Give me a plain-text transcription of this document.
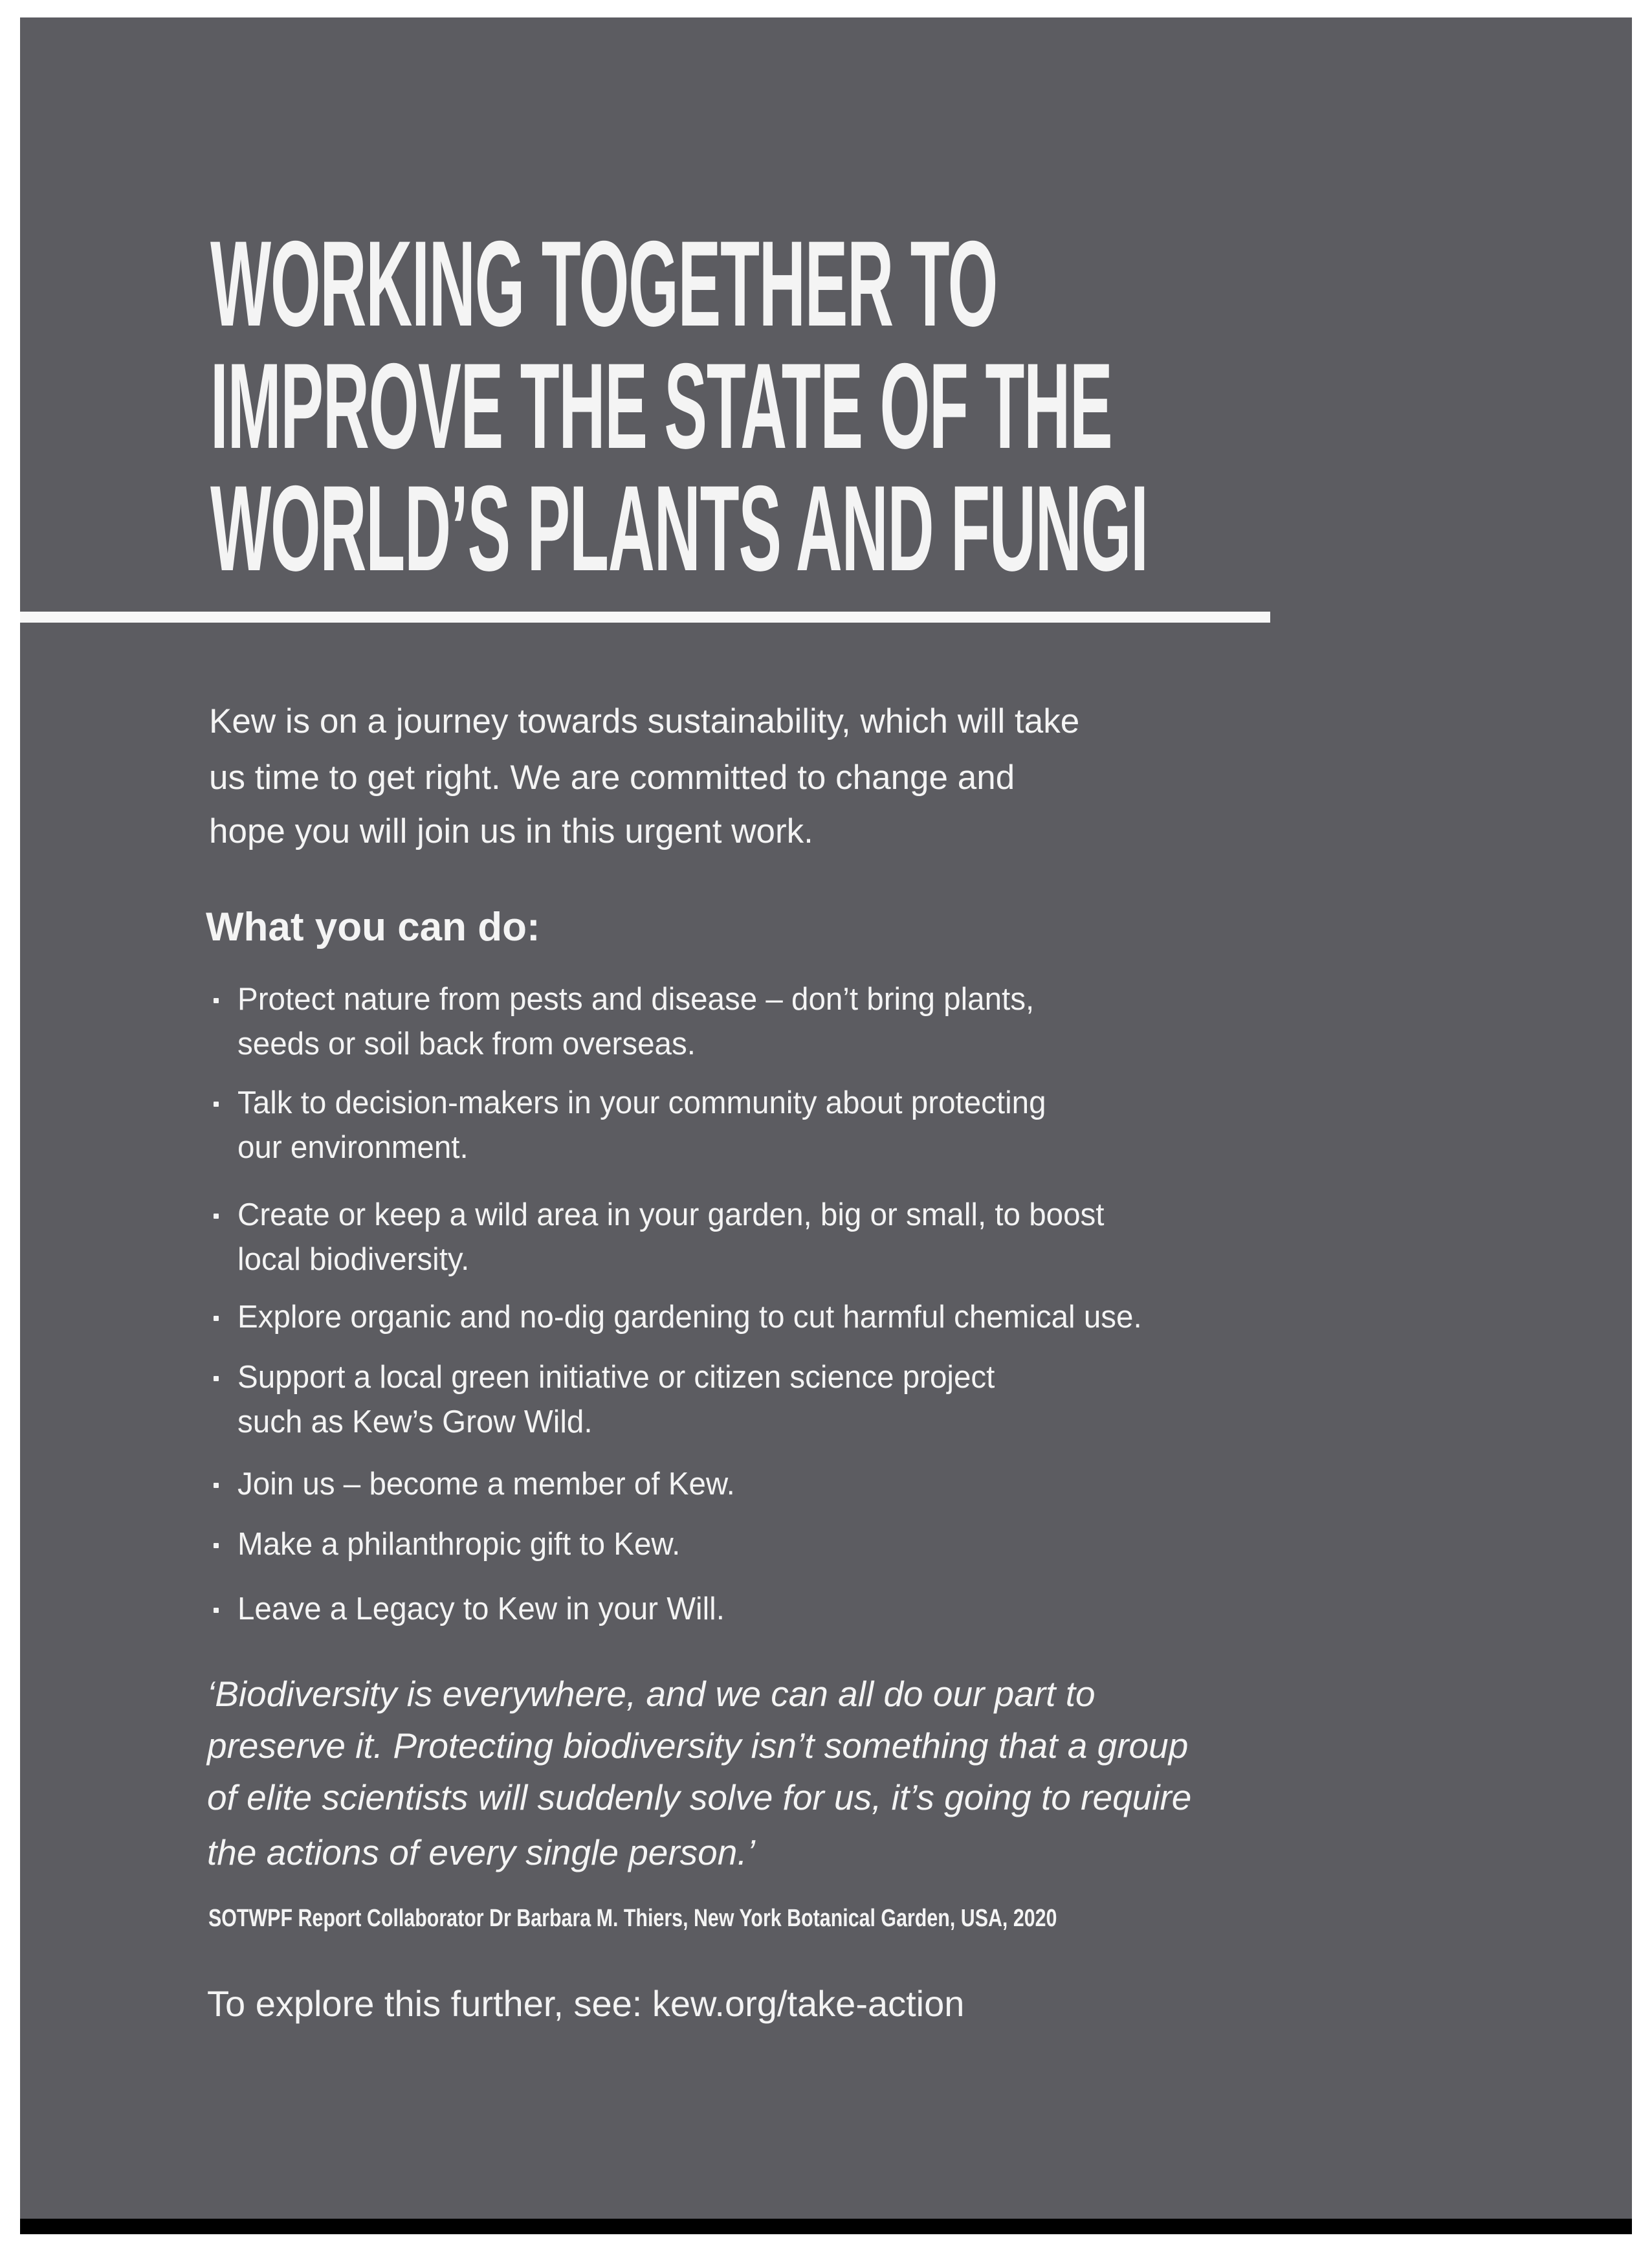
WORKING TOGETHER TO
IMPROVE THE STATE OF THE
WORLD’S PLANTS AND FUNGI
Kew is on a journey towards sustainability, which will take
us time to get right. We are committed to change and
hope you will join us in this urgent work.
What you can do:
Protect nature from pests and disease – don’t bring plants,
seeds or soil back from overseas.
Talk to decision-makers in your community about protecting
our environment.
Create or keep a wild area in your garden, big or small, to boost
local biodiversity.
Explore organic and no-dig gardening to cut harmful chemical use.
Support a local green initiative or citizen science project
such as Kew’s Grow Wild.
Join us – become a member of Kew.
Make a philanthropic gift to Kew.
Leave a Legacy to Kew in your Will.
‘Biodiversity is everywhere, and we can all do our part to
preserve it. Protecting biodiversity isn’t something that a group
of elite scientists will suddenly solve for us, it’s going to require
the actions of every single person.’
SOTWPF Report Collaborator Dr Barbara M. Thiers, New York Botanical Garden, USA, 2020
To explore this further, see: kew.org/take-action
